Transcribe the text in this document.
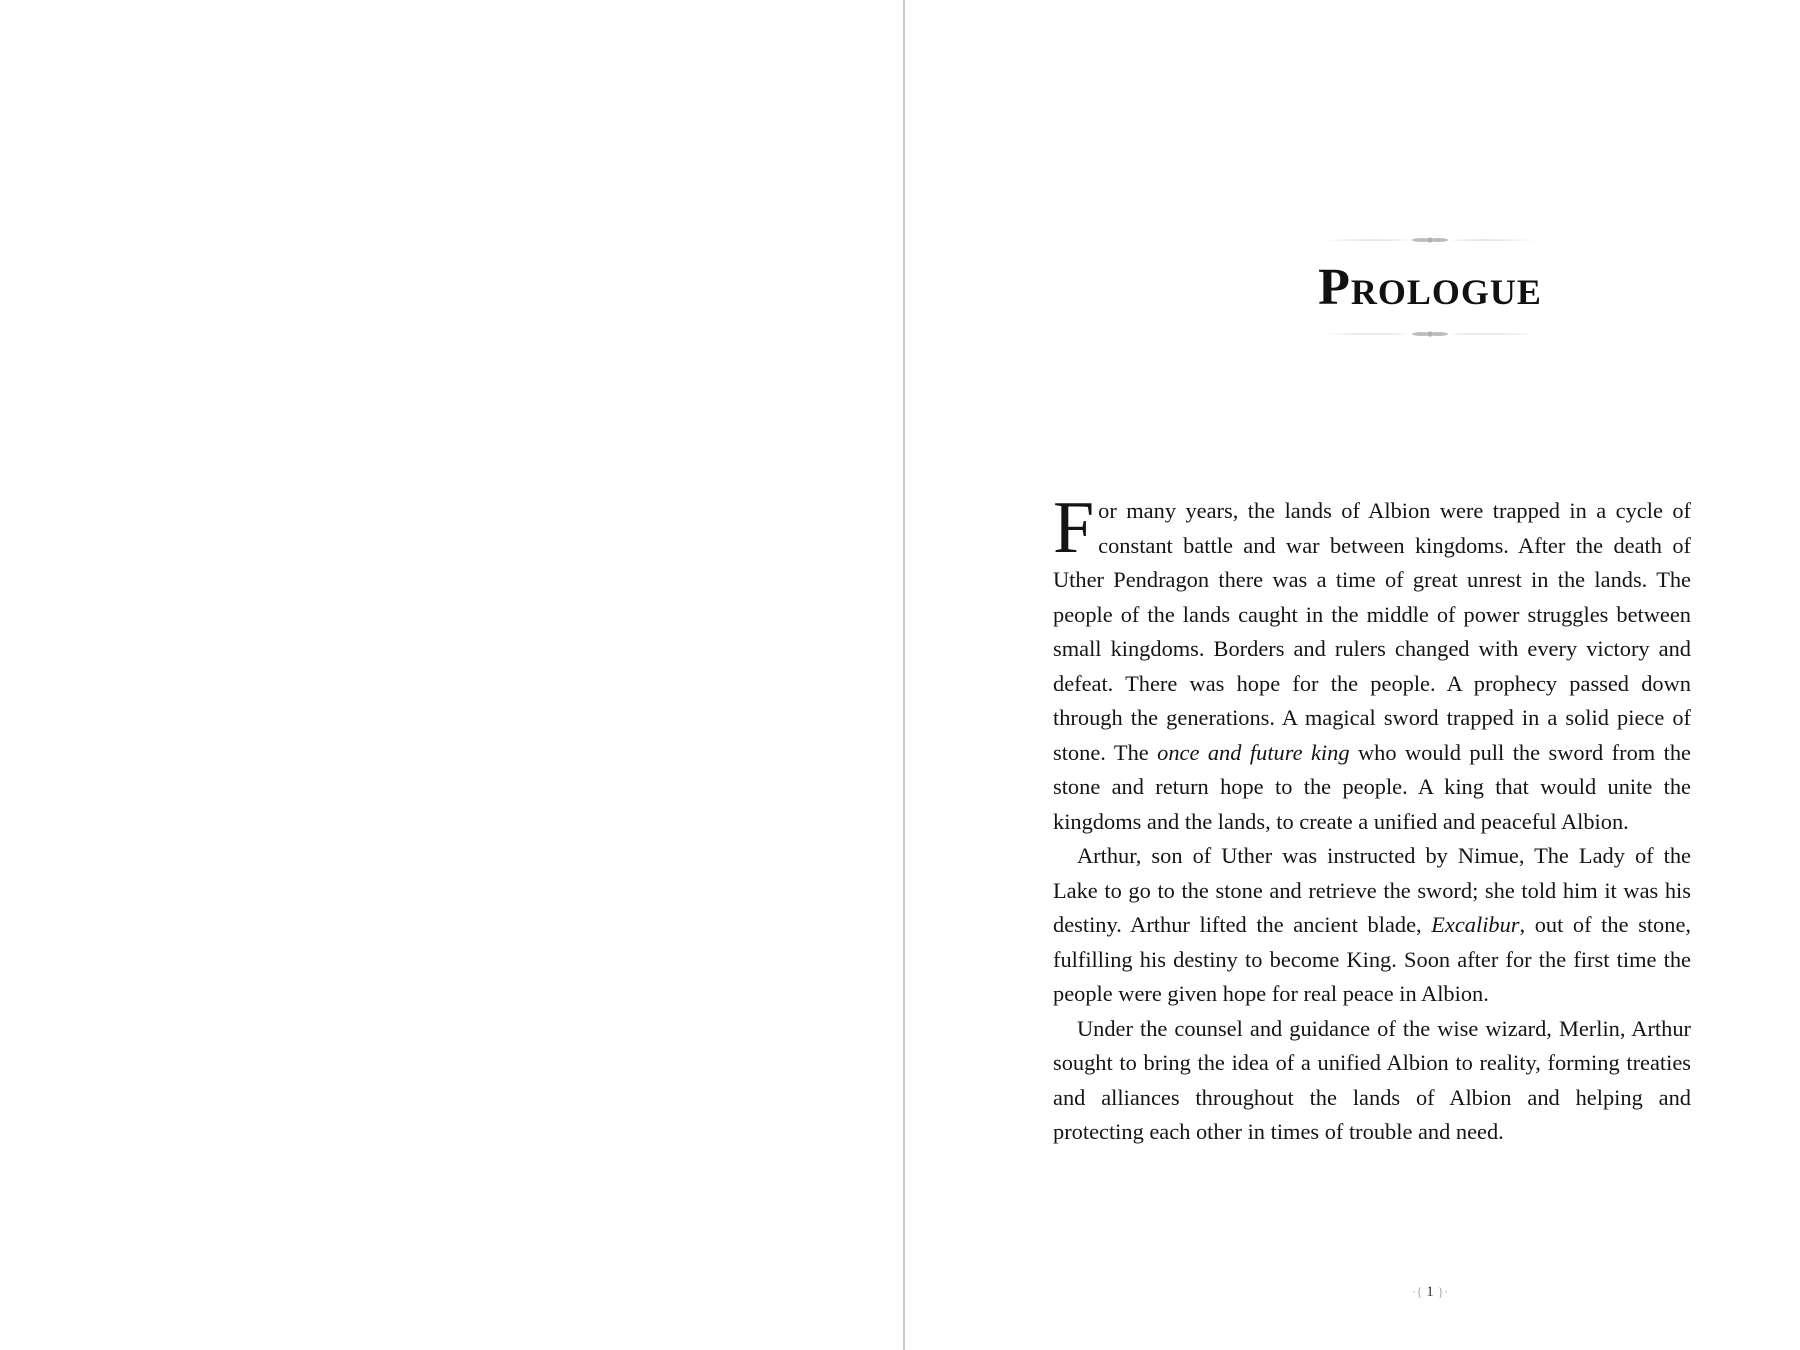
Prologue

For many years, the lands of Albion were trapped in a cycle of constant battle and war between kingdoms. After the death of Uther Pendragon there was a time of great unrest in the lands. The people of the lands caught in the middle of power struggles between small kingdoms. Borders and rulers changed with every victory and defeat. There was hope for the people. A prophecy passed down through the generations. A magical sword trapped in a solid piece of stone. The once and future king who would pull the sword from the stone and return hope to the people. A king that would unite the kingdoms and the lands, to create a unified and peaceful Albion.

Arthur, son of Uther was instructed by Nimue, The Lady of the Lake to go to the stone and retrieve the sword; she told him it was his destiny. Arthur lifted the ancient blade, Excalibur, out of the stone, fulfilling his destiny to become King. Soon after for the first time the people were given hope for real peace in Albion.

Under the counsel and guidance of the wise wizard, Merlin, Arthur sought to bring the idea of a unified Albion to reality, forming treaties and alliances throughout the lands of Albion and helping and protecting each other in times of trouble and need.

·{ 1 }·
